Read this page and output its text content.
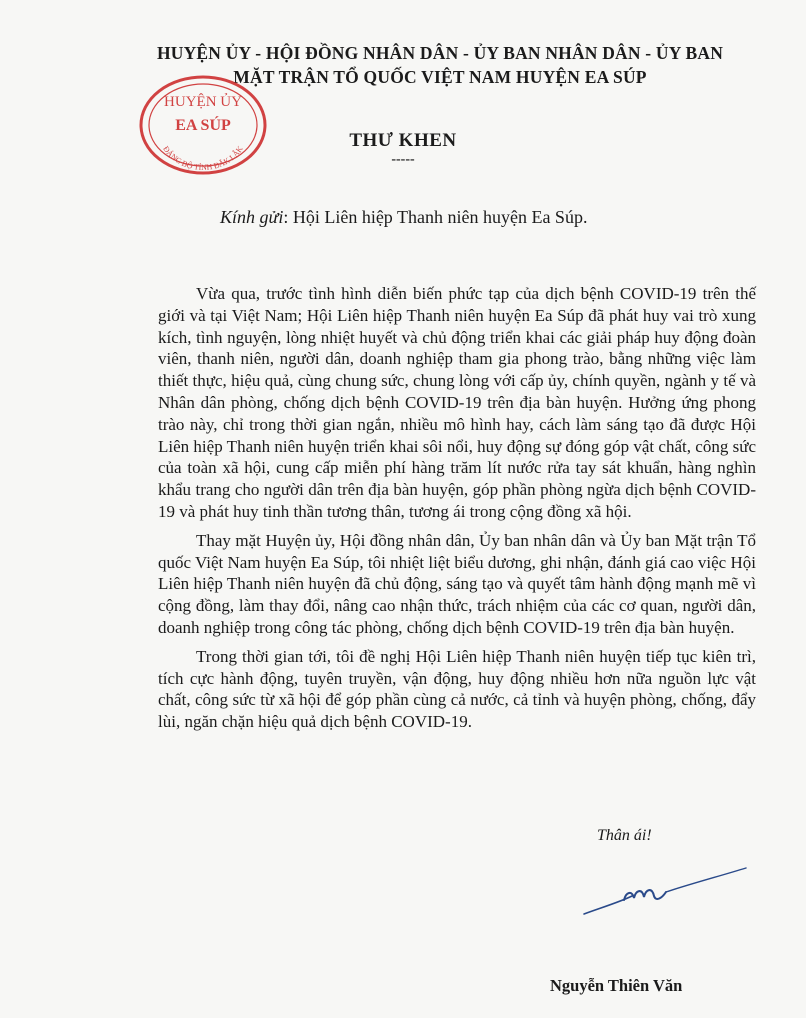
HUYỆN ỦY - HỘI ĐỒNG NHÂN DÂN - ỦY BAN NHÂN DÂN - ỦY BAN
MẶT TRẬN TỔ QUỐC VIỆT NAM HUYỆN EA SÚP
HUYỆN ỦY
EA SÚP
ĐẢNG BỘ TỈNH ĐẮK LẮK	THƯ KHEN
-----
Kính gửi: Hội Liên hiệp Thanh niên huyện Ea Súp.

Vừa qua, trước tình hình diễn biến phức tạp của dịch bệnh COVID-19 trên thế giới và tại Việt Nam; Hội Liên hiệp Thanh niên huyện Ea Súp đã phát huy vai trò xung kích, tình nguyện, lòng nhiệt huyết và chủ động triển khai các giải pháp huy động đoàn viên, thanh niên, người dân, doanh nghiệp tham gia phong trào, bằng những việc làm thiết thực, hiệu quả, cùng chung sức, chung lòng với cấp ủy, chính quyền, ngành y tế và Nhân dân phòng, chống dịch bệnh COVID-19 trên địa bàn huyện. Hưởng ứng phong trào này, chỉ trong thời gian ngắn, nhiều mô hình hay, cách làm sáng tạo đã được Hội Liên hiệp Thanh niên huyện triển khai sôi nổi, huy động sự đóng góp vật chất, công sức của toàn xã hội, cung cấp miễn phí hàng trăm lít nước rửa tay sát khuẩn, hàng nghìn khẩu trang cho người dân trên địa bàn huyện, góp phần phòng ngừa dịch bệnh COVID-19 và phát huy tinh thần tương thân, tương ái trong cộng đồng xã hội.

Thay mặt Huyện ủy, Hội đồng nhân dân, Ủy ban nhân dân và Ủy ban Mặt trận Tổ quốc Việt Nam huyện Ea Súp, tôi nhiệt liệt biểu dương, ghi nhận, đánh giá cao việc Hội Liên hiệp Thanh niên huyện đã chủ động, sáng tạo và quyết tâm hành động mạnh mẽ vì cộng đồng, làm thay đổi, nâng cao nhận thức, trách nhiệm của các cơ quan, người dân, doanh nghiệp trong công tác phòng, chống dịch bệnh COVID-19 trên địa bàn huyện.

Trong thời gian tới, tôi đề nghị Hội Liên hiệp Thanh niên huyện tiếp tục kiên trì, tích cực hành động, tuyên truyền, vận động, huy động nhiều hơn nữa nguồn lực vật chất, công sức từ xã hội để góp phần cùng cả nước, cả tỉnh và huyện phòng, chống, đẩy lùi, ngăn chặn hiệu quả dịch bệnh COVID-19.

Thân ái!
Nguyễn Thiên Văn
